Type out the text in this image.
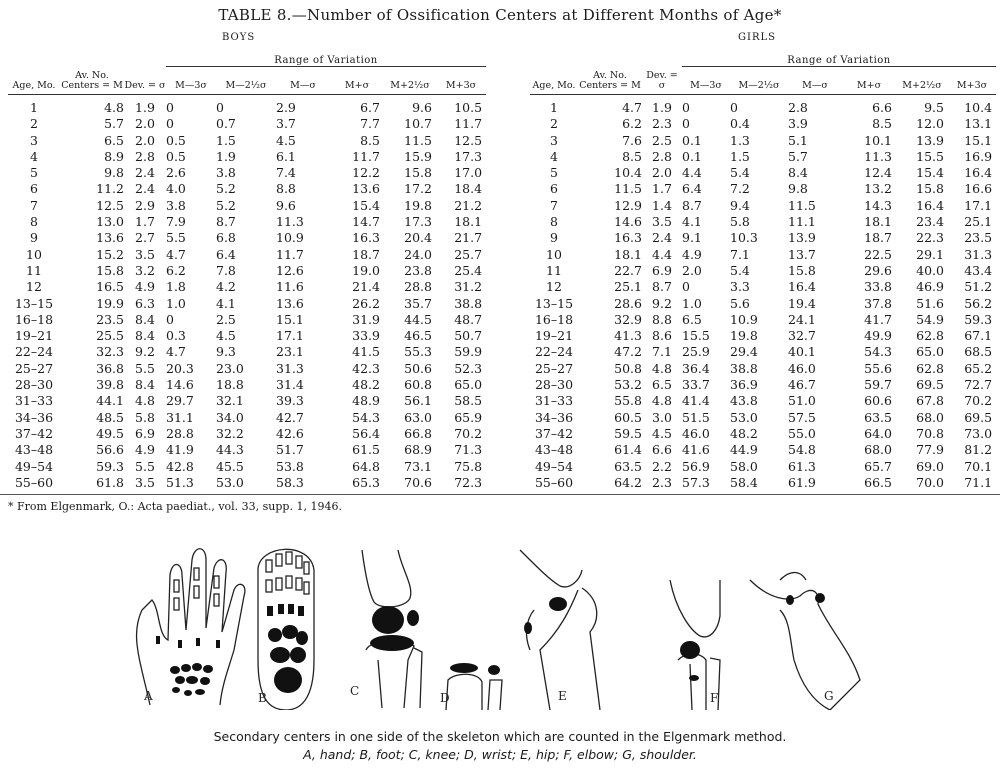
TABLE 8.—Number of Ossification Centers at Different Months of Age*
BOYS	GIRLS
Age, Mo.	Av. No. Centers = M	Dev. = σ	Range of Variation					
			M—3σ	M—2½σ	M—σ	M+σ	M+2½σ	M+3σ
1	4.8	1.9	0	0	2.9	6.7	9.6	10.5
2	5.7	2.0	0	0.7	3.7	7.7	10.7	11.7
3	6.5	2.0	0.5	1.5	4.5	8.5	11.5	12.5
4	8.9	2.8	0.5	1.9	6.1	11.7	15.9	17.3
5	9.8	2.4	2.6	3.8	7.4	12.2	15.8	17.0
6	11.2	2.4	4.0	5.2	8.8	13.6	17.2	18.4
7	12.5	2.9	3.8	5.2	9.6	15.4	19.8	21.2
8	13.0	1.7	7.9	8.7	11.3	14.7	17.3	18.1
9	13.6	2.7	5.5	6.8	10.9	16.3	20.4	21.7
10	15.2	3.5	4.7	6.4	11.7	18.7	24.0	25.7
11	15.8	3.2	6.2	7.8	12.6	19.0	23.8	25.4
12	16.5	4.9	1.8	4.2	11.6	21.4	28.8	31.2
13–15	19.9	6.3	1.0	4.1	13.6	26.2	35.7	38.8
16–18	23.5	8.4	0	2.5	15.1	31.9	44.5	48.7
19–21	25.5	8.4	0.3	4.5	17.1	33.9	46.5	50.7
22–24	32.3	9.2	4.7	9.3	23.1	41.5	55.3	59.9
25–27	36.8	5.5	20.3	23.0	31.3	42.3	50.6	52.3
28–30	39.8	8.4	14.6	18.8	31.4	48.2	60.8	65.0
31–33	44.1	4.8	29.7	32.1	39.3	48.9	56.1	58.5
34–36	48.5	5.8	31.1	34.0	42.7	54.3	63.0	65.9
37–42	49.5	6.9	28.8	32.2	42.6	56.4	66.8	70.2
43–48	56.6	4.9	41.9	44.3	51.7	61.5	68.9	71.3
49–54	59.3	5.5	42.8	45.5	53.8	64.8	73.1	75.8
55–60	61.8	3.5	51.3	53.0	58.3	65.3	70.6	72.3
Age, Mo.	Av. No. Centers = M	Dev. = σ	Range of Variation					
			M—3σ	M—2½σ	M—σ	M+σ	M+2½σ	M+3σ
1	4.7	1.9	0	0	2.8	6.6	9.5	10.4
2	6.2	2.3	0	0.4	3.9	8.5	12.0	13.1
3	7.6	2.5	0.1	1.3	5.1	10.1	13.9	15.1
4	8.5	2.8	0.1	1.5	5.7	11.3	15.5	16.9
5	10.4	2.0	4.4	5.4	8.4	12.4	15.4	16.4
6	11.5	1.7	6.4	7.2	9.8	13.2	15.8	16.6
7	12.9	1.4	8.7	9.4	11.5	14.3	16.4	17.1
8	14.6	3.5	4.1	5.8	11.1	18.1	23.4	25.1
9	16.3	2.4	9.1	10.3	13.9	18.7	22.3	23.5
10	18.1	4.4	4.9	7.1	13.7	22.5	29.1	31.3
11	22.7	6.9	2.0	5.4	15.8	29.6	40.0	43.4
12	25.1	8.7	0	3.3	16.4	33.8	46.9	51.2
13–15	28.6	9.2	1.0	5.6	19.4	37.8	51.6	56.2
16–18	32.9	8.8	6.5	10.9	24.1	41.7	54.9	59.3
19–21	41.3	8.6	15.5	19.8	32.7	49.9	62.8	67.1
22–24	47.2	7.1	25.9	29.4	40.1	54.3	65.0	68.5
25–27	50.8	4.8	36.4	38.8	46.0	55.6	62.8	65.2
28–30	53.2	6.5	33.7	36.9	46.7	59.7	69.5	72.7
31–33	55.8	4.8	41.4	43.8	51.0	60.6	67.8	70.2
34–36	60.5	3.0	51.5	53.0	57.5	63.5	68.0	69.5
37–42	59.5	4.5	46.0	48.2	55.0	64.0	70.8	73.0
43–48	61.4	6.6	41.6	44.9	54.8	68.0	77.9	81.2
49–54	63.5	2.2	56.9	58.0	61.3	65.7	69.0	70.1
55–60	64.2	2.3	57.3	58.4	61.9	66.5	70.0	71.1
* From Elgenmark, O.: Acta paediat., vol. 33, supp. 1, 1946.
A	B	C	D	E	F	G
Secondary centers in one side of the skeleton which are counted in the Elgenmark method.
A, hand; B, foot; C, knee; D, wrist; E, hip; F, elbow; G, shoulder.
